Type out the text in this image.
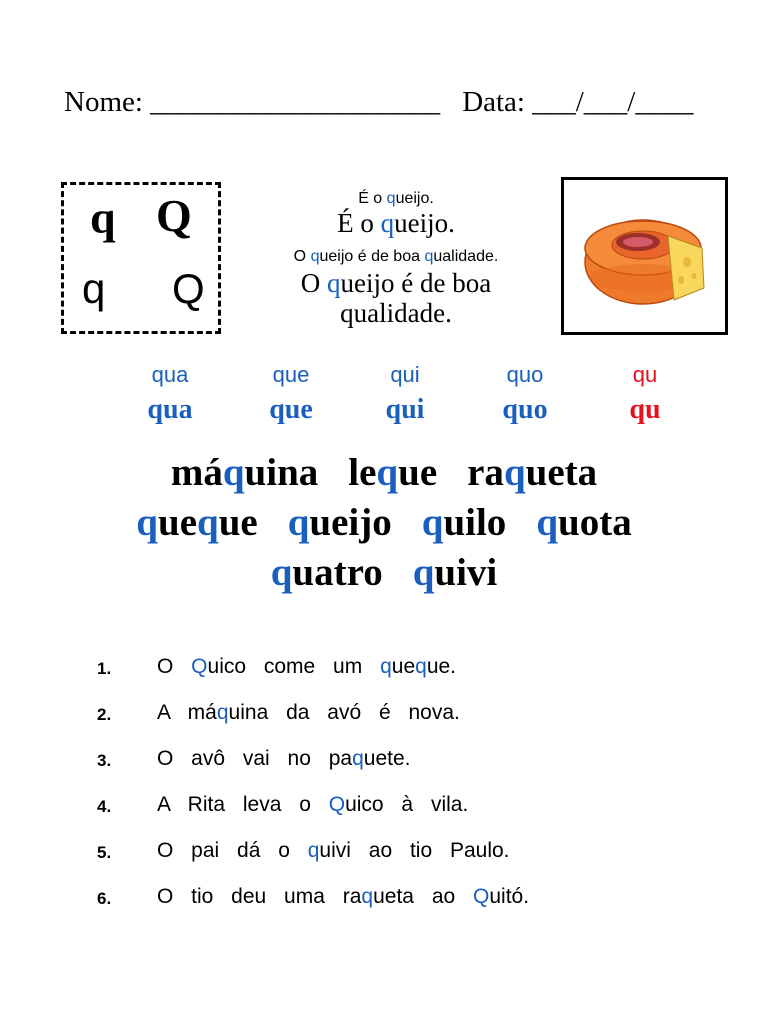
Nome: ____________________ Data: ___/___/____
q Q
q Q
É o queijo.
É o queijo.
O queijo é de boa qualidade.
O queijo é de boa
qualidade.
qua	que	qui	quo	qu
qua	que	qui	quo	qu
máquina leque raqueta
queque queijo quilo quota
quatro quivi
1. O Quico come um queque.
2. A máquina da avó é nova.
3. O avô vai no paquete.
4. A Rita leva o Quico à vila.
5. O pai dá o quivi ao tio Paulo.
6. O tio deu uma raqueta ao Quitó.
